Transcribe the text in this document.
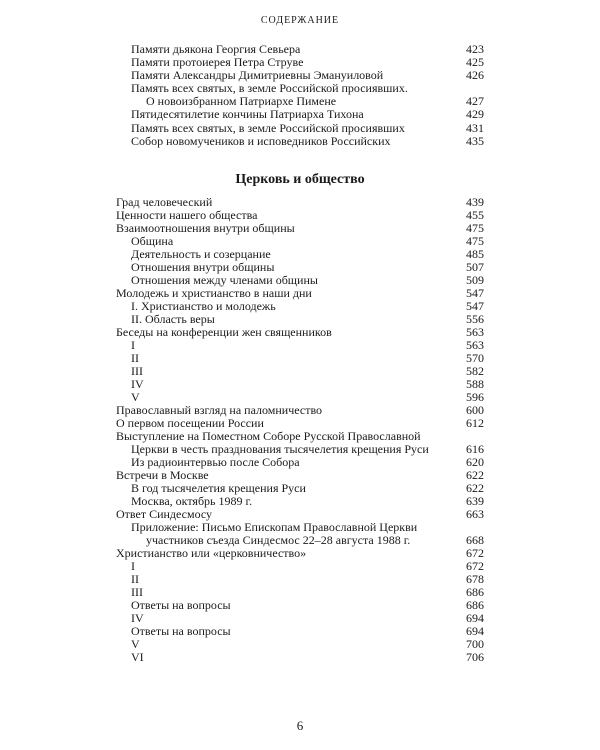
СОДЕРЖАНИЕ
Памяти дьякона Георгия Севьера	423
Памяти протоиерея Петра Струве	425
Памяти Александры Димитриевны Эмануиловой	426
Память всех святых, в земле Российской просиявших.
О новоизбранном Патриархе Пимене	427
Пятидесятилетие кончины Патриарха Тихона	429
Память всех святых, в земле Российской просиявших	431
Собор новомучеников и исповедников Российских	435
Церковь и общество
Град человеческий	439
Ценности нашего общества	455
Взаимоотношения внутри общины	475
Община	475
Деятельность и созерцание	485
Отношения внутри общины	507
Отношения между членами общины	509
Молодежь и христианство в наши дни	547
I. Христианство и молодежь	547
II. Область веры	556
Беседы на конференции жен священников	563
I	563
II	570
III	582
IV	588
V	596
Православный взгляд на паломничество	600
О первом посещении России	612
Выступление на Поместном Соборе Русской Православной
Церкви в честь празднования тысячелетия крещения Руси	616
Из радиоинтервью после Собора	620
Встречи в Москве	622
В год тысячелетия крещения Руси	622
Москва, октябрь 1989 г.	639
Ответ Синдесмосу	663
Приложение: Письмо Епископам Православной Церкви
участников съезда Синдесмос 22–28 августа 1988 г.	668
Христианство или «церковничество»	672
I	672
II	678
III	686
Ответы на вопросы	686
IV	694
Ответы на вопросы	694
V	700
VI	706
6
